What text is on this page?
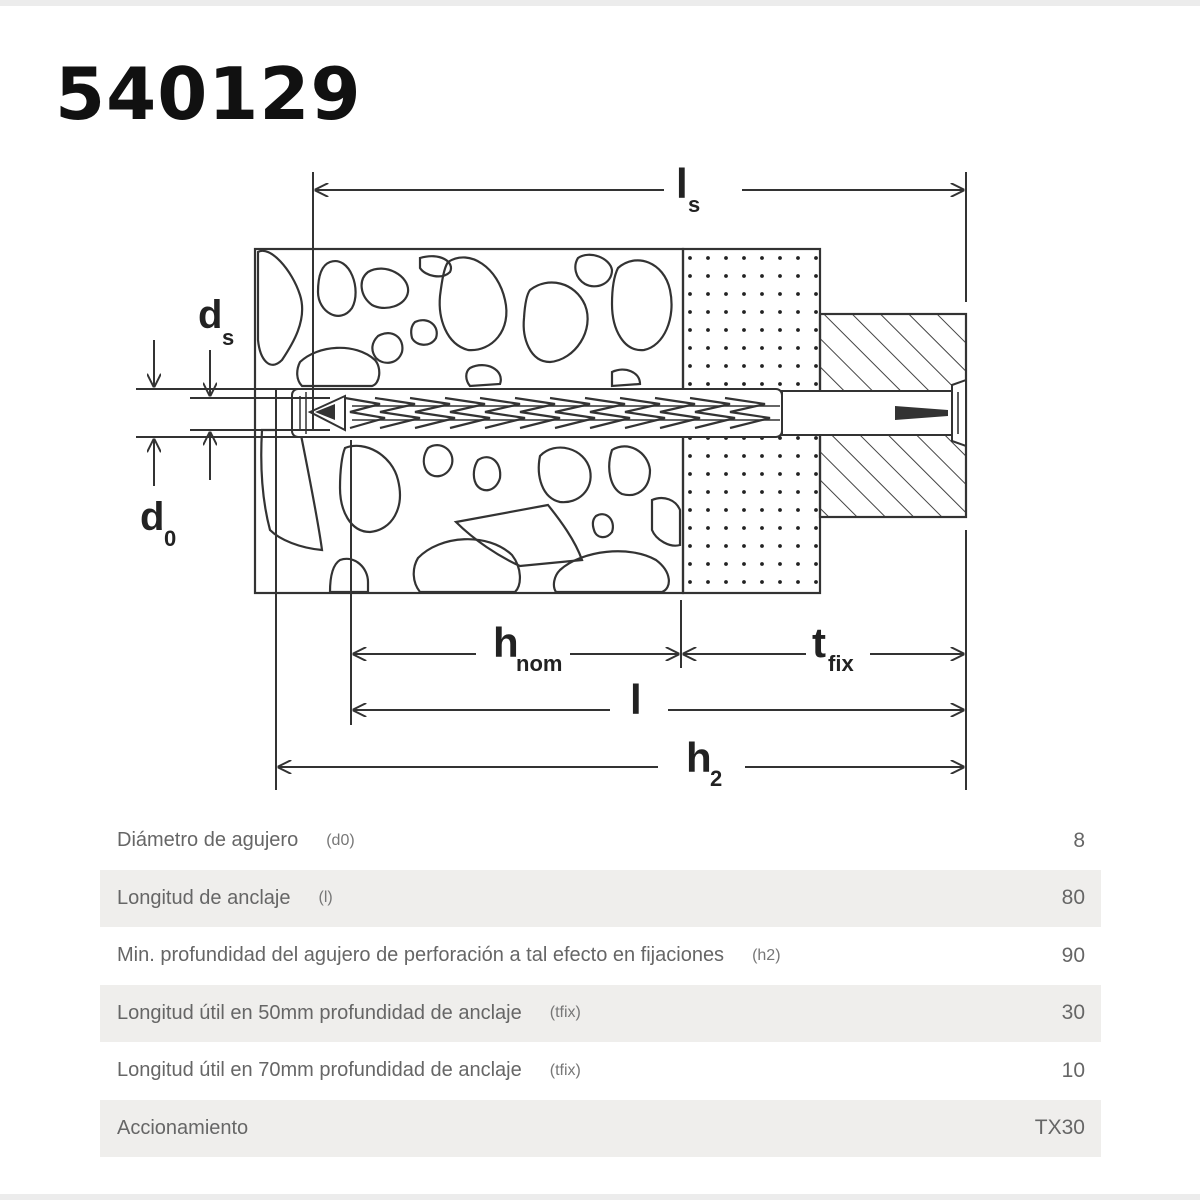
540129
l s
d
s
d 0
h
nom	t fix
l
h
2
Diámetro de agujero (d0)	8
Longitud de anclaje (l)	80
Min. profundidad del agujero de perforación a tal efecto en fijaciones (h2)	90
Longitud útil en 50mm profundidad de anclaje (tfix)	30
Longitud útil en 70mm profundidad de anclaje (tfix)	10
Accionamiento	TX30
